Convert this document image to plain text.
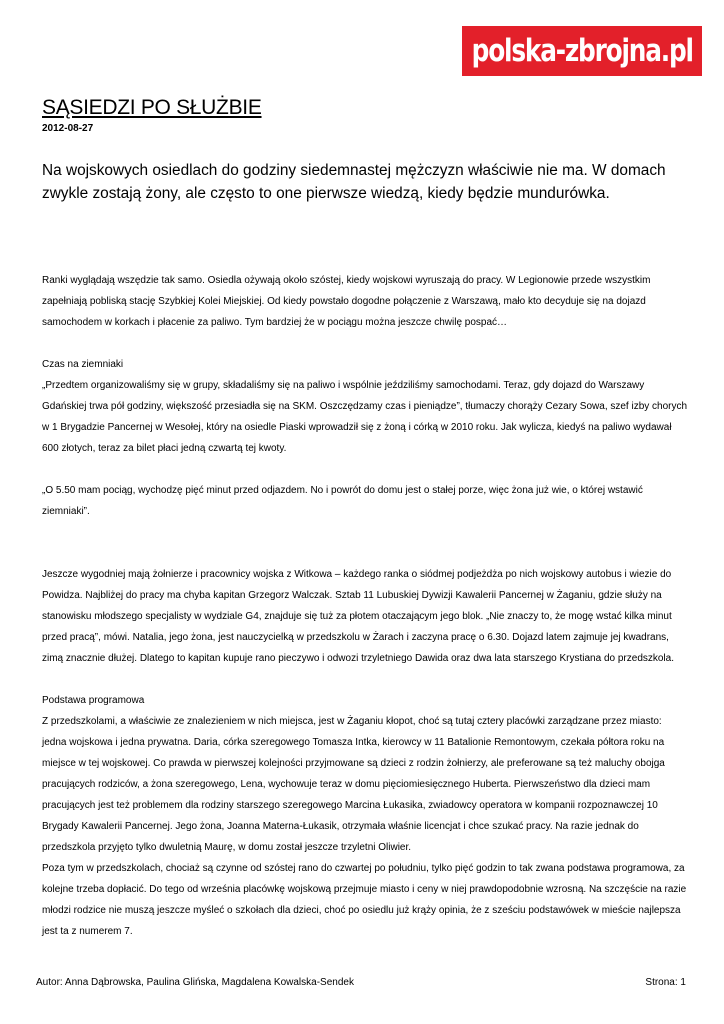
polska-zbrojna.pl
SĄSIEDZI PO SŁUŻBIE
2012-08-27

Na wojskowych osiedlach do godziny siedemnastej mężczyzn właściwie nie ma. W domach zwykle zostają żony, ale często to one pierwsze wiedzą, kiedy będzie mundurówka.

Ranki wyglądają wszędzie tak samo. Osiedla ożywają około szóstej, kiedy wojskowi wyruszają do pracy. W Legionowie przede wszystkim zapełniają pobliską stację Szybkiej Kolei Miejskiej. Od kiedy powstało dogodne połączenie z Warszawą, mało kto decyduje się na dojazd samochodem w korkach i płacenie za paliwo. Tym bardziej że w pociągu można jeszcze chwilę pospać…

Czas na ziemniaki

„Przedtem organizowaliśmy się w grupy, składaliśmy się na paliwo i wspólnie jeździliśmy samochodami. Teraz, gdy dojazd do Warszawy Gdańskiej trwa pół godziny, większość przesiadła się na SKM. Oszczędzamy czas i pieniądze”, tłumaczy chorąży Cezary Sowa, szef izby chorych w 1 Brygadzie Pancernej w Wesołej, który na osiedle Piaski wprowadził się z żoną i córką w 2010 roku. Jak wylicza, kiedyś na paliwo wydawał 600 złotych, teraz za bilet płaci jedną czwartą tej kwoty.

„O 5.50 mam pociąg, wychodzę pięć minut przed odjazdem. No i powrót do domu jest o stałej porze, więc żona już wie, o której wstawić ziemniaki”.

Jeszcze wygodniej mają żołnierze i pracownicy wojska z Witkowa – każdego ranka o siódmej podjeżdża po nich wojskowy autobus i wiezie do Powidza. Najbliżej do pracy ma chyba kapitan Grzegorz Walczak. Sztab 11 Lubuskiej Dywizji Kawalerii Pancernej w Żaganiu, gdzie służy na stanowisku młodszego specjalisty w wydziale G4, znajduje się tuż za płotem otaczającym jego blok. „Nie znaczy to, że mogę wstać kilka minut przed pracą”, mówi. Natalia, jego żona, jest nauczycielką w przedszkolu w Żarach i zaczyna pracę o 6.30. Dojazd latem zajmuje jej kwadrans, zimą znacznie dłużej. Dlatego to kapitan kupuje rano pieczywo i odwozi trzyletniego Dawida oraz dwa lata starszego Krystiana do przedszkola.

Podstawa programowa

Z przedszkolami, a właściwie ze znalezieniem w nich miejsca, jest w Żaganiu kłopot, choć są tutaj cztery placówki zarządzane przez miasto: jedna wojskowa i jedna prywatna. Daria, córka szeregowego Tomasza Intka, kierowcy w 11 Batalionie Remontowym, czekała półtora roku na miejsce w tej wojskowej. Co prawda w pierwszej kolejności przyjmowane są dzieci z rodzin żołnierzy, ale preferowane są też maluchy obojga pracujących rodziców, a żona szeregowego, Lena, wychowuje teraz w domu pięciomiesięcznego Huberta. Pierwszeństwo dla dzieci mam pracujących jest też problemem dla rodziny starszego szeregowego Marcina Łukasika, zwiadowcy operatora w kompanii rozpoznawczej 10 Brygady Kawalerii Pancernej. Jego żona, Joanna Materna-Łukasik, otrzymała właśnie licencjat i chce szukać pracy. Na razie jednak do przedszkola przyjęto tylko dwuletnią Maurę, w domu został jeszcze trzyletni Oliwier.

Poza tym w przedszkolach, chociaż są czynne od szóstej rano do czwartej po południu, tylko pięć godzin to tak zwana podstawa programowa, za kolejne trzeba dopłacić. Do tego od września placówkę wojskową przejmuje miasto i ceny w niej prawdopodobnie wzrosną. Na szczęście na razie młodzi rodzice nie muszą jeszcze myśleć o szkołach dla dzieci, choć po osiedlu już krąży opinia, że z sześciu podstawówek w mieście najlepsza jest ta z numerem 7.

Autor: Anna Dąbrowska, Paulina Glińska, Magdalena Kowalska-Sendek	Strona: 1
